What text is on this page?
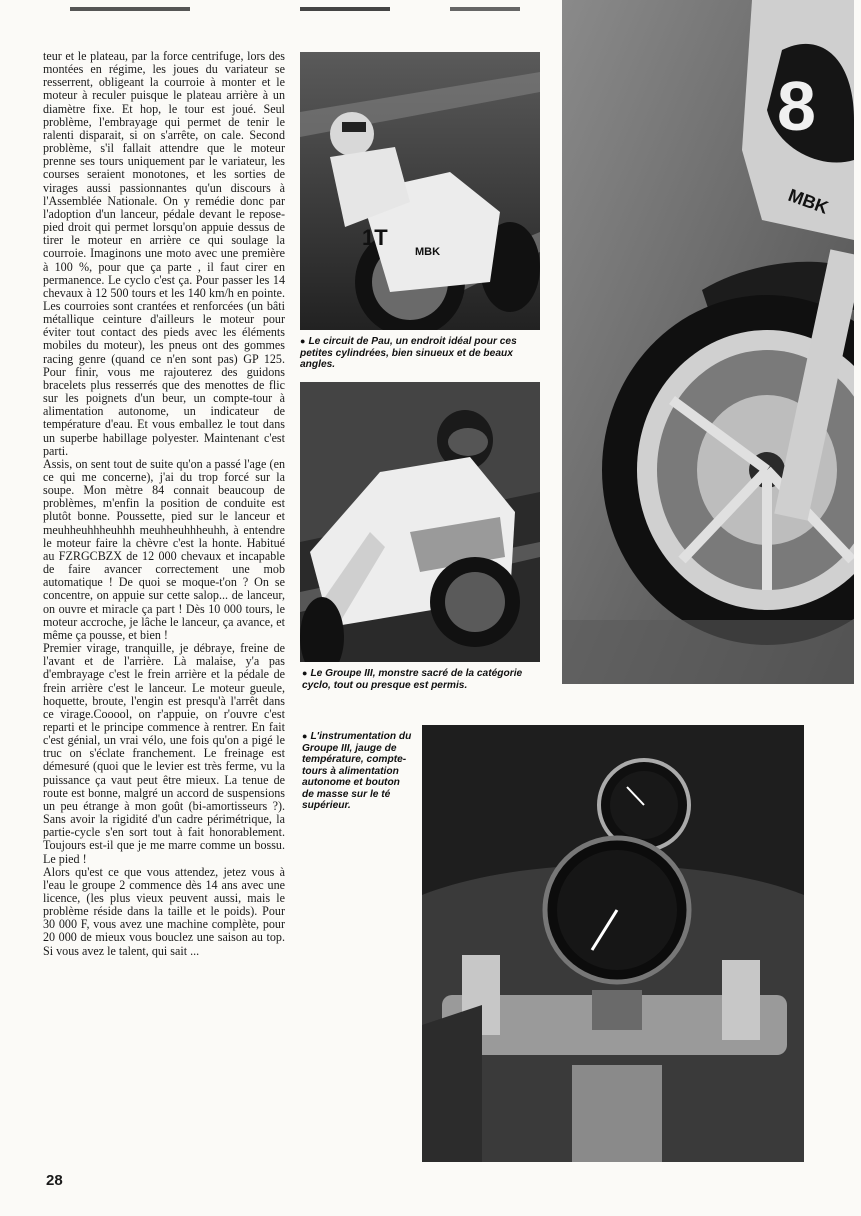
teur et le plateau, par la force centrifuge, lors des montées en régime, les joues du variateur se resserrent, obligeant la courroie à monter et le moteur à reculer puisque le plateau arrière à un diamètre fixe. Et hop, le tour est joué. Seul problème, l'embrayage qui permet de tenir le ralenti disparait, si on s'arrête, on cale. Second problème, s'il fallait attendre que le moteur prenne ses tours uniquement par le variateur, les courses seraient monotones, et les sorties de virages aussi passionnantes qu'un discours à l'Assemblée Nationale. On y remédie donc par l'adoption d'un lanceur, pédale devant le repose-pied droit qui permet lorsqu'on appuie dessus de tirer le moteur en arrière ce qui soulage la courroie. Imaginons une moto avec une première à 100 %, pour que ça parte , il faut cirer en permanence. Le cyclo c'est ça. Pour passer les 14 chevaux à 12 500 tours et les 140 km/h en pointe. Les courroies sont crantées et renforcées (un bâti métallique ceinture d'ailleurs le moteur pour éviter tout contact des pieds avec les éléments mobiles du moteur), les pneus ont des gommes racing genre (quand ce n'en sont pas) GP 125. Pour finir, vous me rajouterez des guidons bracelets plus resserrés que des menottes de flic sur les poignets d'un beur, un compte-tour à alimentation autonome, un indicateur de température d'eau. Et vous emballez le tout dans un superbe habillage polyester. Maintenant c'est parti.

Assis, on sent tout de suite qu'on a passé l'age (en ce qui me concerne), j'ai du trop forcé sur la soupe. Mon mètre 84 connait beaucoup de problèmes, m'enfin la position de conduite est plutôt bonne. Poussette, pied sur le lanceur et meuhheuhhheuhhh meuhheuhhheuhh, à entendre le moteur faire la chèvre c'est la honte. Habitué au FZRGCBZX de 12 000 chevaux et incapable de faire avancer correctement une mob automatique ! De quoi se moque-t'on ? On se concentre, on appuie sur cette salop... de lanceur, on ouvre et miracle ça part ! Dès 10 000 tours, le moteur accroche, je lâche le lanceur, ça avance, et même ça pousse, et bien !

Premier virage, tranquille, je débraye, freine de l'avant et de l'arrière. Là malaise, y'a pas d'embrayage c'est le frein arrière et la pédale de frein arrière c'est le lanceur. Le moteur gueule, hoquette, broute, l'engin est presqu'à l'arrêt dans ce virage.Cooool, on r'appuie, on r'ouvre c'est reparti et le principe commence à rentrer. En fait c'est génial, un vrai vélo, une fois qu'on a pigé le truc on s'éclate franchement. Le freinage est démesuré (quoi que le levier est très ferme, vu la puissance ça vaut peut être mieux. La tenue de route est bonne, malgré un accord de suspensions un peu étrange à mon goût (bi-amortisseurs ?). Sans avoir la rigidité d'un cadre périmétrique, la partie-cycle s'en sort tout à fait honorablement. Toujours est-il que je me marre comme un bossu. Le pied !

Alors qu'est ce que vous attendez, jetez vous à l'eau le groupe 2 commence dès 14 ans avec une licence, (les plus vieux peuvent aussi, mais le problème réside dans la taille et le poids). Pour 30 000 F, vous avez une machine complète, pour 20 000 de mieux vous bouclez une saison au top. Si vous avez le talent, qui sait ...

28
1T
MBK
● Le circuit de Pau, un endroit idéal pour ces petites cylindrées, bien sinueux et de beaux angles.
● Le Groupe III, monstre sacré de la catégorie cyclo, tout ou presque est permis.
8
MBK
● L'instrumentation du Groupe III, jauge de température, compte-tours à alimentation autonome et bouton de masse sur le té supérieur.
